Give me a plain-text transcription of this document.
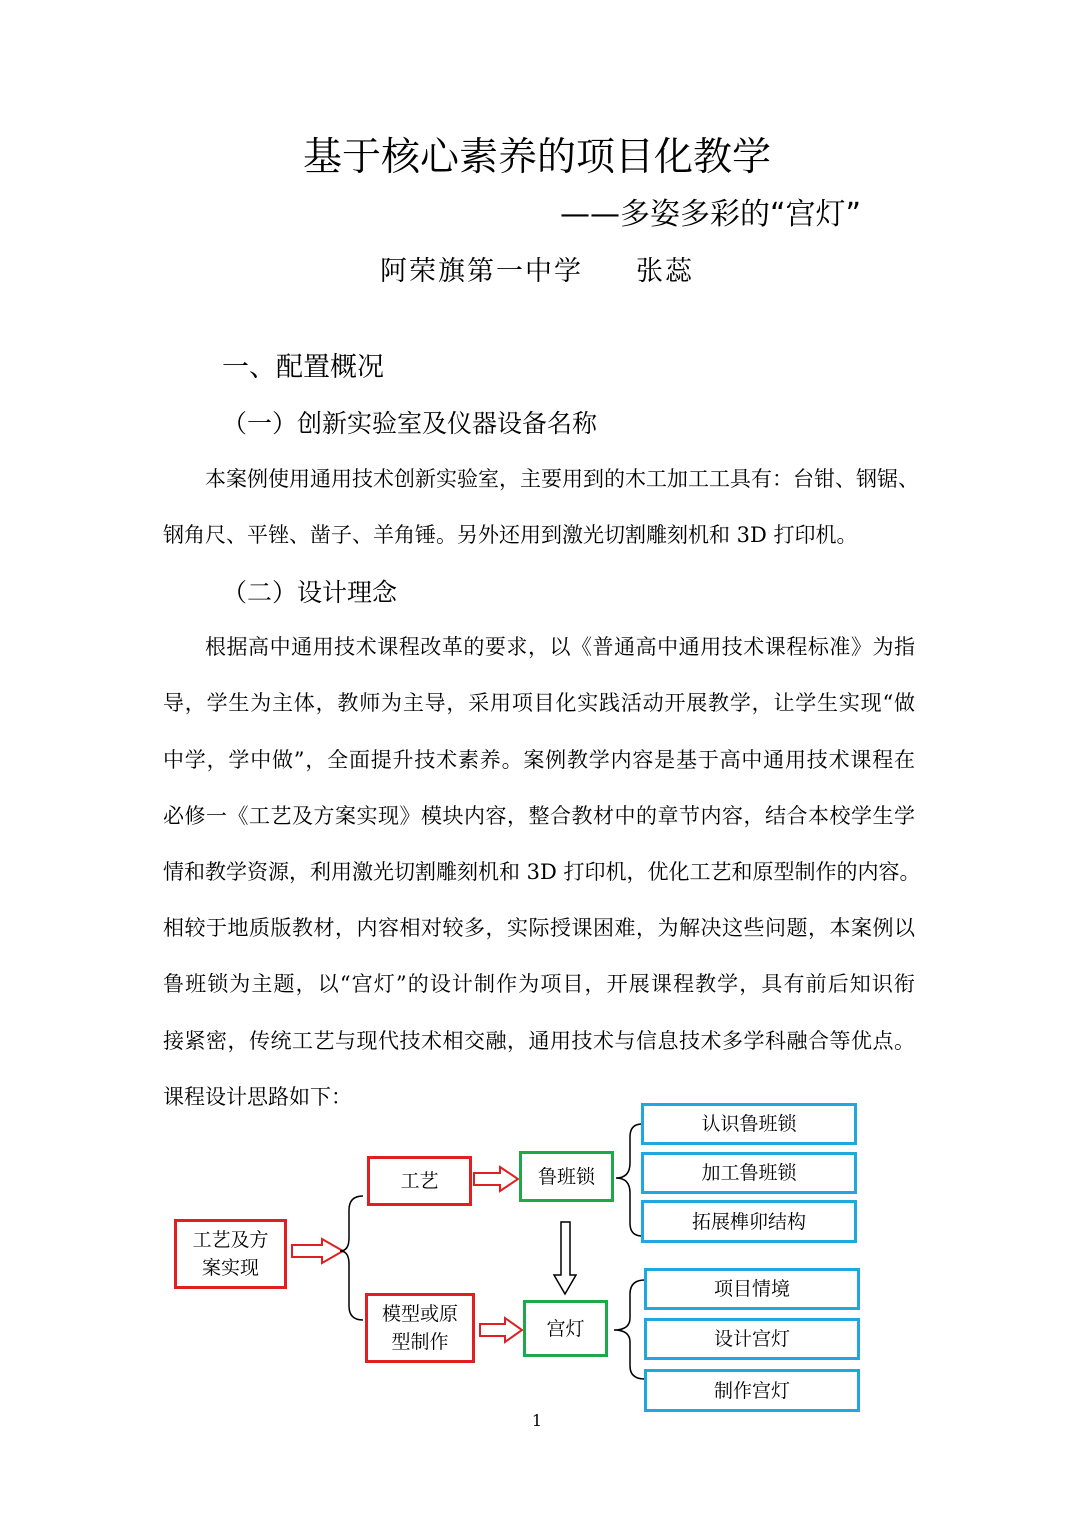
基于核心素养的项目化教学
——多姿多彩的“宫灯”
阿荣旗第一中学     张蕊
一、配置概况
（一）创新实验室及仪器设备名称
本案例使用通用技术创新实验室，主要用到的木工加工工具有：台钳、钢锯、
钢角尺、平锉、凿子、羊角锤。另外还用到激光切割雕刻机和 3D 打印机。
（二）设计理念
根据高中通用技术课程改革的要求，以《普通高中通用技术课程标准》为指
导，学生为主体，教师为主导，采用项目化实践活动开展教学，让学生实现“做
中学，学中做”，全面提升技术素养。案例教学内容是基于高中通用技术课程在
必修一《工艺及方案实现》模块内容，整合教材中的章节内容，结合本校学生学
情和教学资源，利用激光切割雕刻机和 3D 打印机，优化工艺和原型制作的内容。
相较于地质版教材，内容相对较多，实际授课困难，为解决这些问题，本案例以
鲁班锁为主题，以“宫灯”的设计制作为项目，开展课程教学，具有前后知识衔
接紧密，传统工艺与现代技术相交融，通用技术与信息技术多学科融合等优点。
课程设计思路如下：
工艺及方
案实现
工艺
模型或原
型制作
鲁班锁
宫灯
认识鲁班锁
加工鲁班锁
拓展榫卯结构
项目情境
设计宫灯
制作宫灯
1
